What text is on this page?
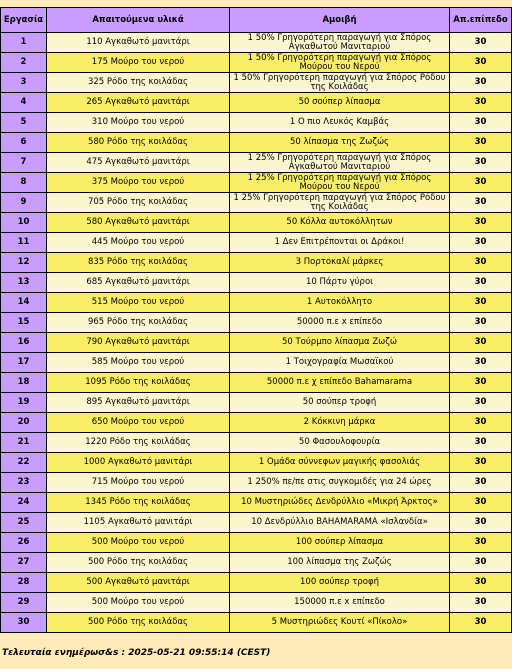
Εργασία	Απαιτούμενα υλικά	Αμοιβή	Απ.επίπεδο
1	110 Αγκαθωτό μανιτάρι	1 50% Γρηγορότερη παραγωγή για Σπόρος Αγκαθωτού Μανιταριού	30
2	175 Μούρο του νερού	1 50% Γρηγορότερη παραγωγή για Σπόρος Μούρου του Νερού	30
3	325 Ρόδο της κοιλάδας	1 50% Γρηγορότερη παραγωγή για Σπόρος Ρόδου της Κοιλάδας	30
4	265 Αγκαθωτό μανιτάρι	50 σούπερ λίπασμα	30
5	310 Μούρο του νερού	1 Ο πιο Λευκός Καμβάς	30
6	580 Ρόδο της κοιλάδας	50 λίπασμα της Ζωζώς	30
7	475 Αγκαθωτό μανιτάρι	1 25% Γρηγορότερη παραγωγή για Σπόρος Αγκαθωτού Μανιταριού	30
8	375 Μούρο του νερού	1 25% Γρηγορότερη παραγωγή για Σπόρος Μούρου του Νερού	30
9	705 Ρόδο της κοιλάδας	1 25% Γρηγορότερη παραγωγή για Σπόρος Ρόδου της Κοιλάδας	30
10	580 Αγκαθωτό μανιτάρι	50 Κόλλα αυτοκόλλητων	30
11	445 Μούρο του νερού	1 Δεν Επιτρέπονται οι Δράκοι!	30
12	835 Ρόδο της κοιλάδας	3 Πορτοκαλί μάρκες	30
13	685 Αγκαθωτό μανιτάρι	10 Πάρτυ γύροι	30
14	515 Μούρο του νερού	1 Αυτοκόλλητο	30
15	965 Ρόδο της κοιλάδας	50000 π.ε x επίπεδο	30
16	790 Αγκαθωτό μανιτάρι	50 Τούρμπο λίπασμα Ζωζώ	30
17	585 Μούρο του νερού	1 Τοιχογραφία Μωσαϊκού	30
18	1095 Ρόδο της κοιλάδας	50000 π.ε χ επίπεδο Bahamarama	30
19	895 Αγκαθωτό μανιτάρι	50 σούπερ τροφή	30
20	650 Μούρο του νερού	2 Κόκκινη μάρκα	30
21	1220 Ρόδο της κοιλάδας	50 Φασουλοφουρία	30
22	1000 Αγκαθωτό μανιτάρι	1 Ομάδα σύννεφων μαγικής φασολιάς	30
23	715 Μούρο του νερού	1 250% πε/πε στις συγκομιδές για 24 ώρες	30
24	1345 Ρόδο της κοιλάδας	10 Μυστηριώδες Δενδρύλλιο «Μικρή Άρκτος»	30
25	1105 Αγκαθωτό μανιτάρι	10 Δενδρύλλιο BAHAMARAMA «Ισλανδία»	30
26	500 Μούρο του νερού	100 σούπερ λίπασμα	30
27	500 Ρόδο της κοιλάδας	100 λίπασμα της Ζωζώς	30
28	500 Αγκαθωτό μανιτάρι	100 σούπερ τροφή	30
29	500 Μούρο του νερού	150000 π.ε x επίπεδο	30
30	500 Ρόδο της κοιλάδας	5 Μυστηριώδες Κουτί «Πίκολο»	30
Τελευταία ενημέρωσ&s : 2025-05-21 09:55:14 (CEST)
